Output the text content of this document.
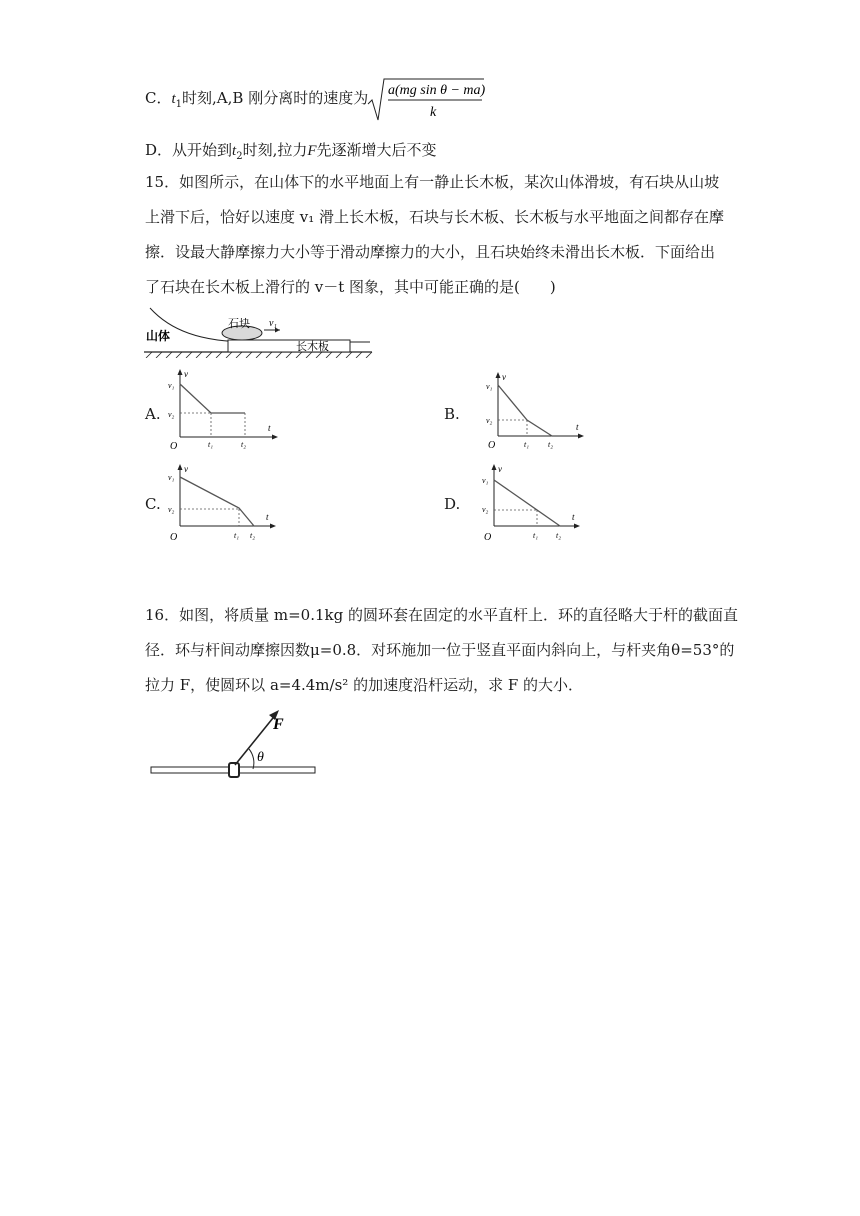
C．$t_1$时刻,A,B 刚分离时的速度为 a(mg sin θ − ma)
k
D．从开始到$t_2$时刻,拉力F先逐渐增大后不变
15．如图所示，在山体下的水平地面上有一静止长木板，某次山体滑坡，有石块从山坡
上滑下后，恰好以速度 v₁ 滑上长木板，石块与长木板、长木板与水平地面之间都存在摩
擦．设最大静摩擦力大小等于滑动摩擦力的大小，且石块始终未滑出长木板．下面给出
了石块在长木板上滑行的 v－t 图象，其中可能正确的是(　　)
山体
长木板
石块 v₁
A.	B.
C.	D.
v
t
O
v₁
v₂
t₁	t₂
v
t
O
v₁
v₂
t₁ t₂
v
t
O
v₁
v₂
t₁ t₂
v
t
O
v₁
v₂
t₁ t₂
16．如图，将质量 m=0.1kg 的圆环套在固定的水平直杆上．环的直径略大于杆的截面直
径．环与杆间动摩擦因数μ=0.8．对环施加一位于竖直平面内斜向上，与杆夹角θ=53°的
拉力 F，使圆环以 a=4.4m/s² 的加速度沿杆运动，求 F 的大小．
F
θ
